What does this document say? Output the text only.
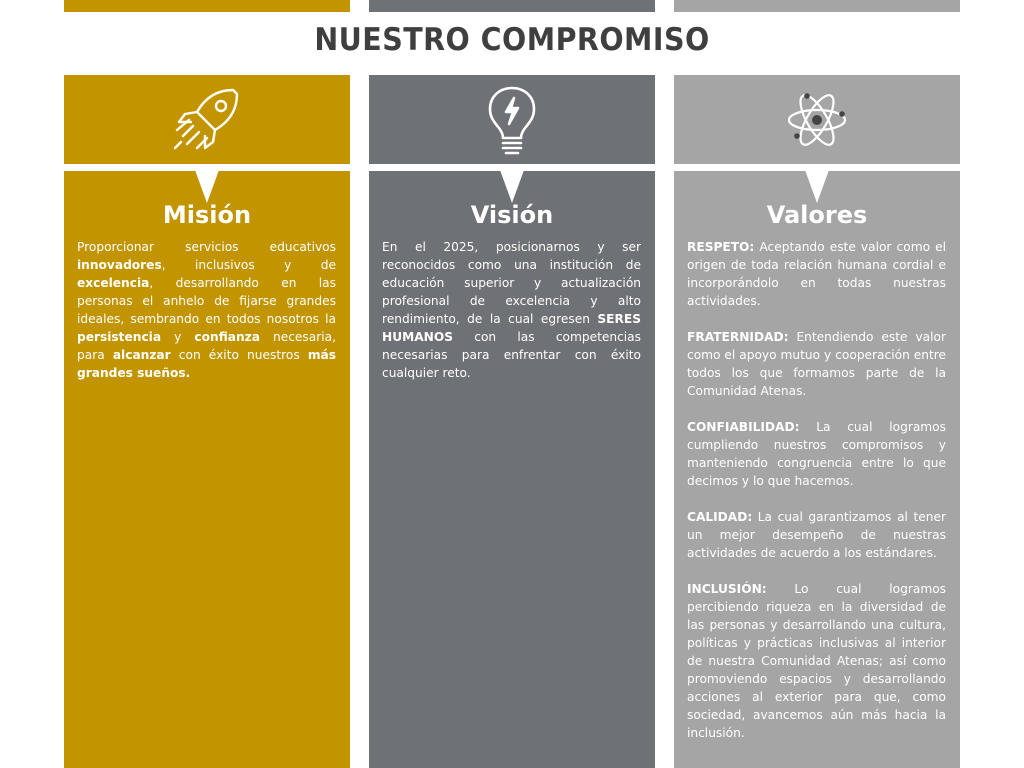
NUESTRO COMPROMISO
Misión

Proporcionar servicios educativos innovadores, inclusivos y de excelencia, desarrollando en las personas el anhelo de fijarse grandes ideales, sembrando en todos nosotros la persistencia y confianza necesaria, para alcanzar con éxito nuestros más grandes sueños.

Visión

En el 2025, posicionarnos y ser reconocidos como una institución de educación superior y actualización profesional de excelencia y alto rendimiento, de la cual egresen SERES HUMANOS con las competencias necesarias para enfrentar con éxito cualquier reto.

Valores

RESPETO: Aceptando este valor como el origen de toda relación humana cordial e incorporándolo en todas nuestras actividades.

FRATERNIDAD: Entendiendo este valor como el apoyo mutuo y cooperación entre todos los que formamos parte de la Comunidad Atenas.

CONFIABILIDAD: La cual logramos cumpliendo nuestros compromisos y manteniendo congruencia entre lo que decimos y lo que hacemos.

CALIDAD: La cual garantizamos al tener un mejor desempeño de nuestras actividades de acuerdo a los estándares.

INCLUSIÓN: Lo cual logramos percibiendo riqueza en la diversidad de las personas y desarrollando una cultura, políticas y prácticas inclusivas al interior de nuestra Comunidad Atenas; así como promoviendo espacios y desarrollando acciones al exterior para que, como sociedad, avancemos aún más hacia la inclusión.
